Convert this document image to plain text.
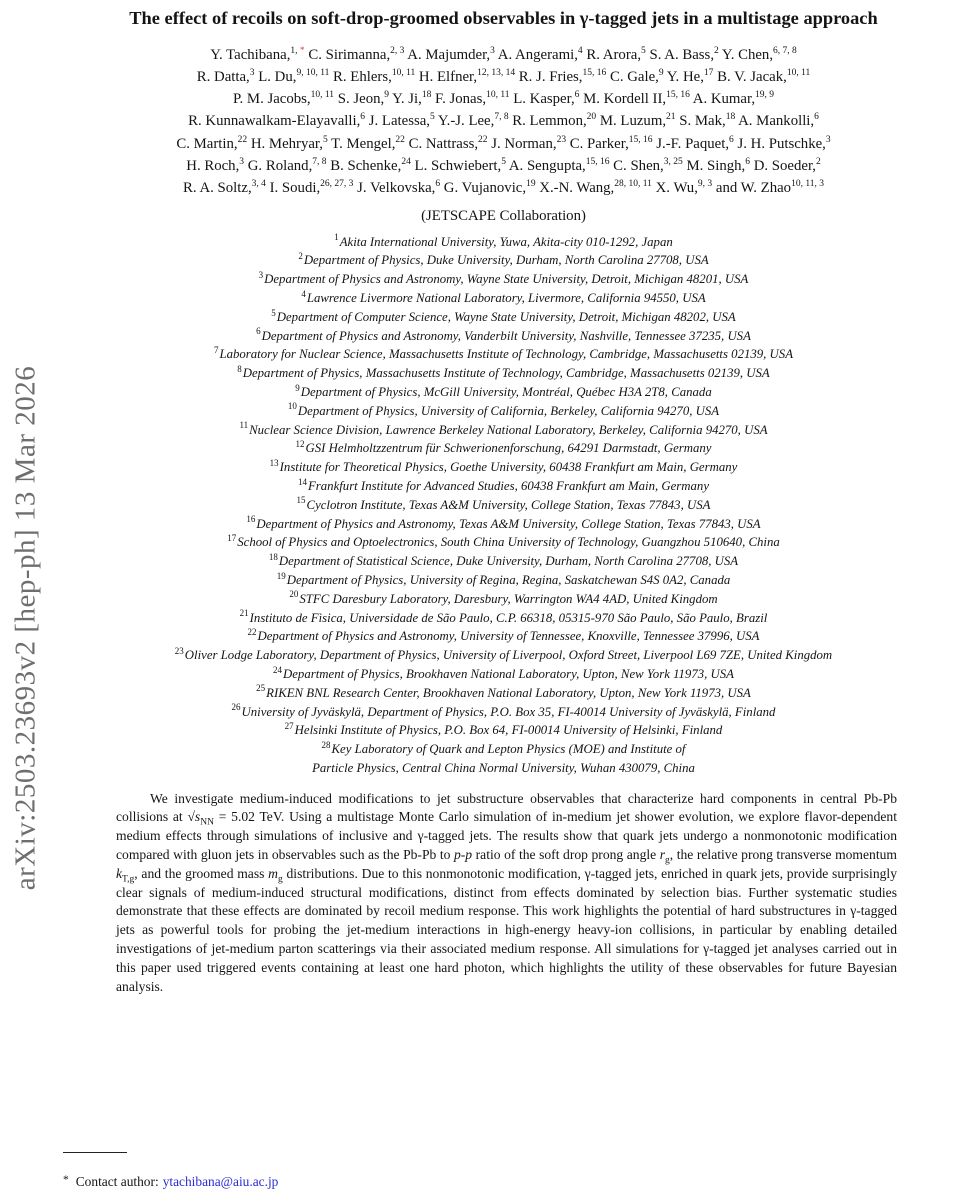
arXiv:2503.23693v2 [hep-ph] 13 Mar 2026
The effect of recoils on soft-drop-groomed observables in γ-tagged jets in a multistage approach
Y. Tachibana,$^{1, *}$ C. Sirimanna,$^{2, 3}$ A. Majumder,$^3$ A. Angerami,$^4$ R. Arora,$^5$ S. A. Bass,$^2$ Y. Chen,$^{6, 7, 8}$
R. Datta,$^3$ L. Du,$^{9, 10, 11}$ R. Ehlers,$^{10, 11}$ H. Elfner,$^{12, 13, 14}$ R. J. Fries,$^{15, 16}$ C. Gale,$^9$ Y. He,$^{17}$ B. V. Jacak,$^{10, 11}$
P. M. Jacobs,$^{10, 11}$ S. Jeon,$^9$ Y. Ji,$^{18}$ F. Jonas,$^{10, 11}$ L. Kasper,$^6$ M. Kordell II,$^{15, 16}$ A. Kumar,$^{19, 9}$
R. Kunnawalkam-Elayavalli,$^6$ J. Latessa,$^5$ Y.-J. Lee,$^{7, 8}$ R. Lemmon,$^{20}$ M. Luzum,$^{21}$ S. Mak,$^{18}$ A. Mankolli,$^6$
C. Martin,$^{22}$ H. Mehryar,$^5$ T. Mengel,$^{22}$ C. Nattrass,$^{22}$ J. Norman,$^{23}$ C. Parker,$^{15, 16}$ J.-F. Paquet,$^6$ J. H. Putschke,$^3$
H. Roch,$^3$ G. Roland,$^{7, 8}$ B. Schenke,$^{24}$ L. Schwiebert,$^5$ A. Sengupta,$^{15, 16}$ C. Shen,$^{3, 25}$ M. Singh,$^6$ D. Soeder,$^2$
R. A. Soltz,$^{3, 4}$ I. Soudi,$^{26, 27, 3}$ J. Velkovska,$^6$ G. Vujanovic,$^{19}$ X.-N. Wang,$^{28, 10, 11}$ X. Wu,$^{9, 3}$ and W. Zhao$^{10, 11, 3}$
(JETSCAPE Collaboration)
$^1$Akita International University, Yuwa, Akita-city 010-1292, Japan
$^2$Department of Physics, Duke University, Durham, North Carolina 27708, USA
$^3$Department of Physics and Astronomy, Wayne State University, Detroit, Michigan 48201, USA
$^4$Lawrence Livermore National Laboratory, Livermore, California 94550, USA
$^5$Department of Computer Science, Wayne State University, Detroit, Michigan 48202, USA
$^6$Department of Physics and Astronomy, Vanderbilt University, Nashville, Tennessee 37235, USA
$^7$Laboratory for Nuclear Science, Massachusetts Institute of Technology, Cambridge, Massachusetts 02139, USA
$^8$Department of Physics, Massachusetts Institute of Technology, Cambridge, Massachusetts 02139, USA
$^9$Department of Physics, McGill University, Montréal, Québec H3A 2T8, Canada
$^{10}$Department of Physics, University of California, Berkeley, California 94270, USA
$^{11}$Nuclear Science Division, Lawrence Berkeley National Laboratory, Berkeley, California 94270, USA
$^{12}$GSI Helmholtzzentrum für Schwerionenforschung, 64291 Darmstadt, Germany
$^{13}$Institute for Theoretical Physics, Goethe University, 60438 Frankfurt am Main, Germany
$^{14}$Frankfurt Institute for Advanced Studies, 60438 Frankfurt am Main, Germany
$^{15}$Cyclotron Institute, Texas A&M University, College Station, Texas 77843, USA
$^{16}$Department of Physics and Astronomy, Texas A&M University, College Station, Texas 77843, USA
$^{17}$School of Physics and Optoelectronics, South China University of Technology, Guangzhou 510640, China
$^{18}$Department of Statistical Science, Duke University, Durham, North Carolina 27708, USA
$^{19}$Department of Physics, University of Regina, Regina, Saskatchewan S4S 0A2, Canada
$^{20}$STFC Daresbury Laboratory, Daresbury, Warrington WA4 4AD, United Kingdom
$^{21}$Instituto de Fìsica, Universidade de São Paulo, C.P. 66318, 05315-970 São Paulo, São Paulo, Brazil
$^{22}$Department of Physics and Astronomy, University of Tennessee, Knoxville, Tennessee 37996, USA
$^{23}$Oliver Lodge Laboratory, Department of Physics, University of Liverpool, Oxford Street, Liverpool L69 7ZE, United Kingdom
$^{24}$Department of Physics, Brookhaven National Laboratory, Upton, New York 11973, USA
$^{25}$RIKEN BNL Research Center, Brookhaven National Laboratory, Upton, New York 11973, USA
$^{26}$University of Jyväskylä, Department of Physics, P.O. Box 35, FI-40014 University of Jyväskylä, Finland
$^{27}$Helsinki Institute of Physics, P.O. Box 64, FI-00014 University of Helsinki, Finland
$^{28}$Key Laboratory of Quark and Lepton Physics (MOE) and Institute of
Particle Physics, Central China Normal University, Wuhan 430079, China
We investigate medium-induced modifications to jet substructure observables that characterize hard components in central Pb-Pb collisions at $√s_{NN} = 5.02$ TeV. Using a multistage Monte Carlo simulation of in-medium jet shower evolution, we explore flavor-dependent medium effects through simulations of inclusive and γ-tagged jets. The results show that quark jets undergo a nonmonotonic modification compared with gluon jets in observables such as the Pb-Pb to p-p ratio of the soft drop prong angle $r_g$, the relative prong transverse momentum $k_{T,g}$, and the groomed mass $m_g$ distributions. Due to this nonmonotonic modification, γ-tagged jets, enriched in quark jets, provide surprisingly clear signals of medium-induced structural modifications, distinct from effects dominated by selection bias. Further systematic studies demonstrate that these effects are dominated by recoil medium response. This work highlights the potential of hard substructures in γ-tagged jets as powerful tools for probing the jet-medium interactions in high-energy heavy-ion collisions, in particular by enabling detailed investigations of jet-medium parton scatterings via their associated medium response. All simulations for γ-tagged jet analyses carried out in this paper used triggered events containing at least one hard photon, which highlights the utility of these observables for future Bayesian analysis.
* Contact author: ytachibana@aiu.ac.jp
